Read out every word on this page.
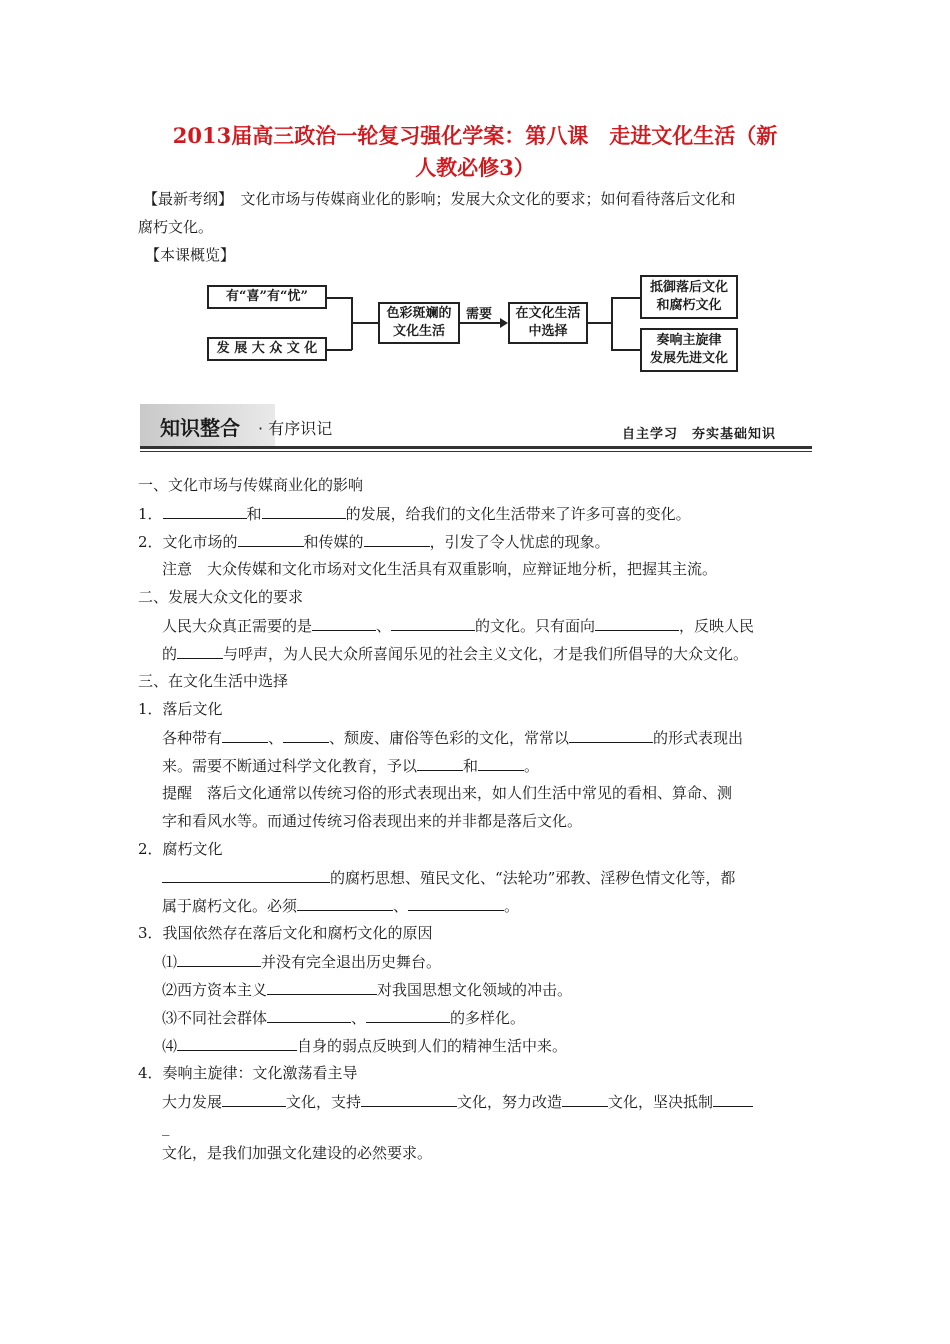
2013届高三政治一轮复习强化学案：第八课　走进文化生活（新
人教必修3）
【最新考纲】　文化市场与传媒商业化的影响；发展大众文化的要求；如何看待落后文化和
腐朽文化。
【本课概览】
有“喜”有“忧”
发 展 大 众 文 化
色彩斑斓的
文化生活
需要 在文化生活
中选择
抵御落后文化
和腐朽文化
奏响主旋律
发展先进文化
知识整合 · 有序识记	自主学习　夯实基础知识
一、文化市场与传媒商业化的影响
1．	和	的发展，给我们的文化生活带来了许多可喜的变化。
2．文化市场的	和传媒的	，引发了令人忧虑的现象。
注意　大众传媒和文化市场对文化生活具有双重影响，应辩证地分析，把握其主流。
二、发展大众文化的要求
人民大众真正需要的是	、	的文化。只有面向	，反映人民
的	与呼声，为人民大众所喜闻乐见的社会主义文化，才是我们所倡导的大众文化。
三、在文化生活中选择
1．落后文化
各种带有	、	、颓废、庸俗等色彩的文化，常常以	的形式表现出
来。需要不断通过科学文化教育，予以	和	。
提醒　落后文化通常以传统习俗的形式表现出来，如人们生活中常见的看相、算命、测
字和看风水等。而通过传统习俗表现出来的并非都是落后文化。
2．腐朽文化
的腐朽思想、殖民文化、“法轮功”邪教、淫秽色情文化等，都
属于腐朽文化。必须	、	。
3．我国依然存在落后文化和腐朽文化的原因
⑴	并没有完全退出历史舞台。
⑵西方资本主义	对我国思想文化领域的冲击。
⑶不同社会群体	、	的多样化。
⑷	自身的弱点反映到人们的精神生活中来。
4．奏响主旋律：文化激荡看主导
大力发展	文化，支持	文化，努力改造	文化，坚决抵制
_
文化，是我们加强文化建设的必然要求。
